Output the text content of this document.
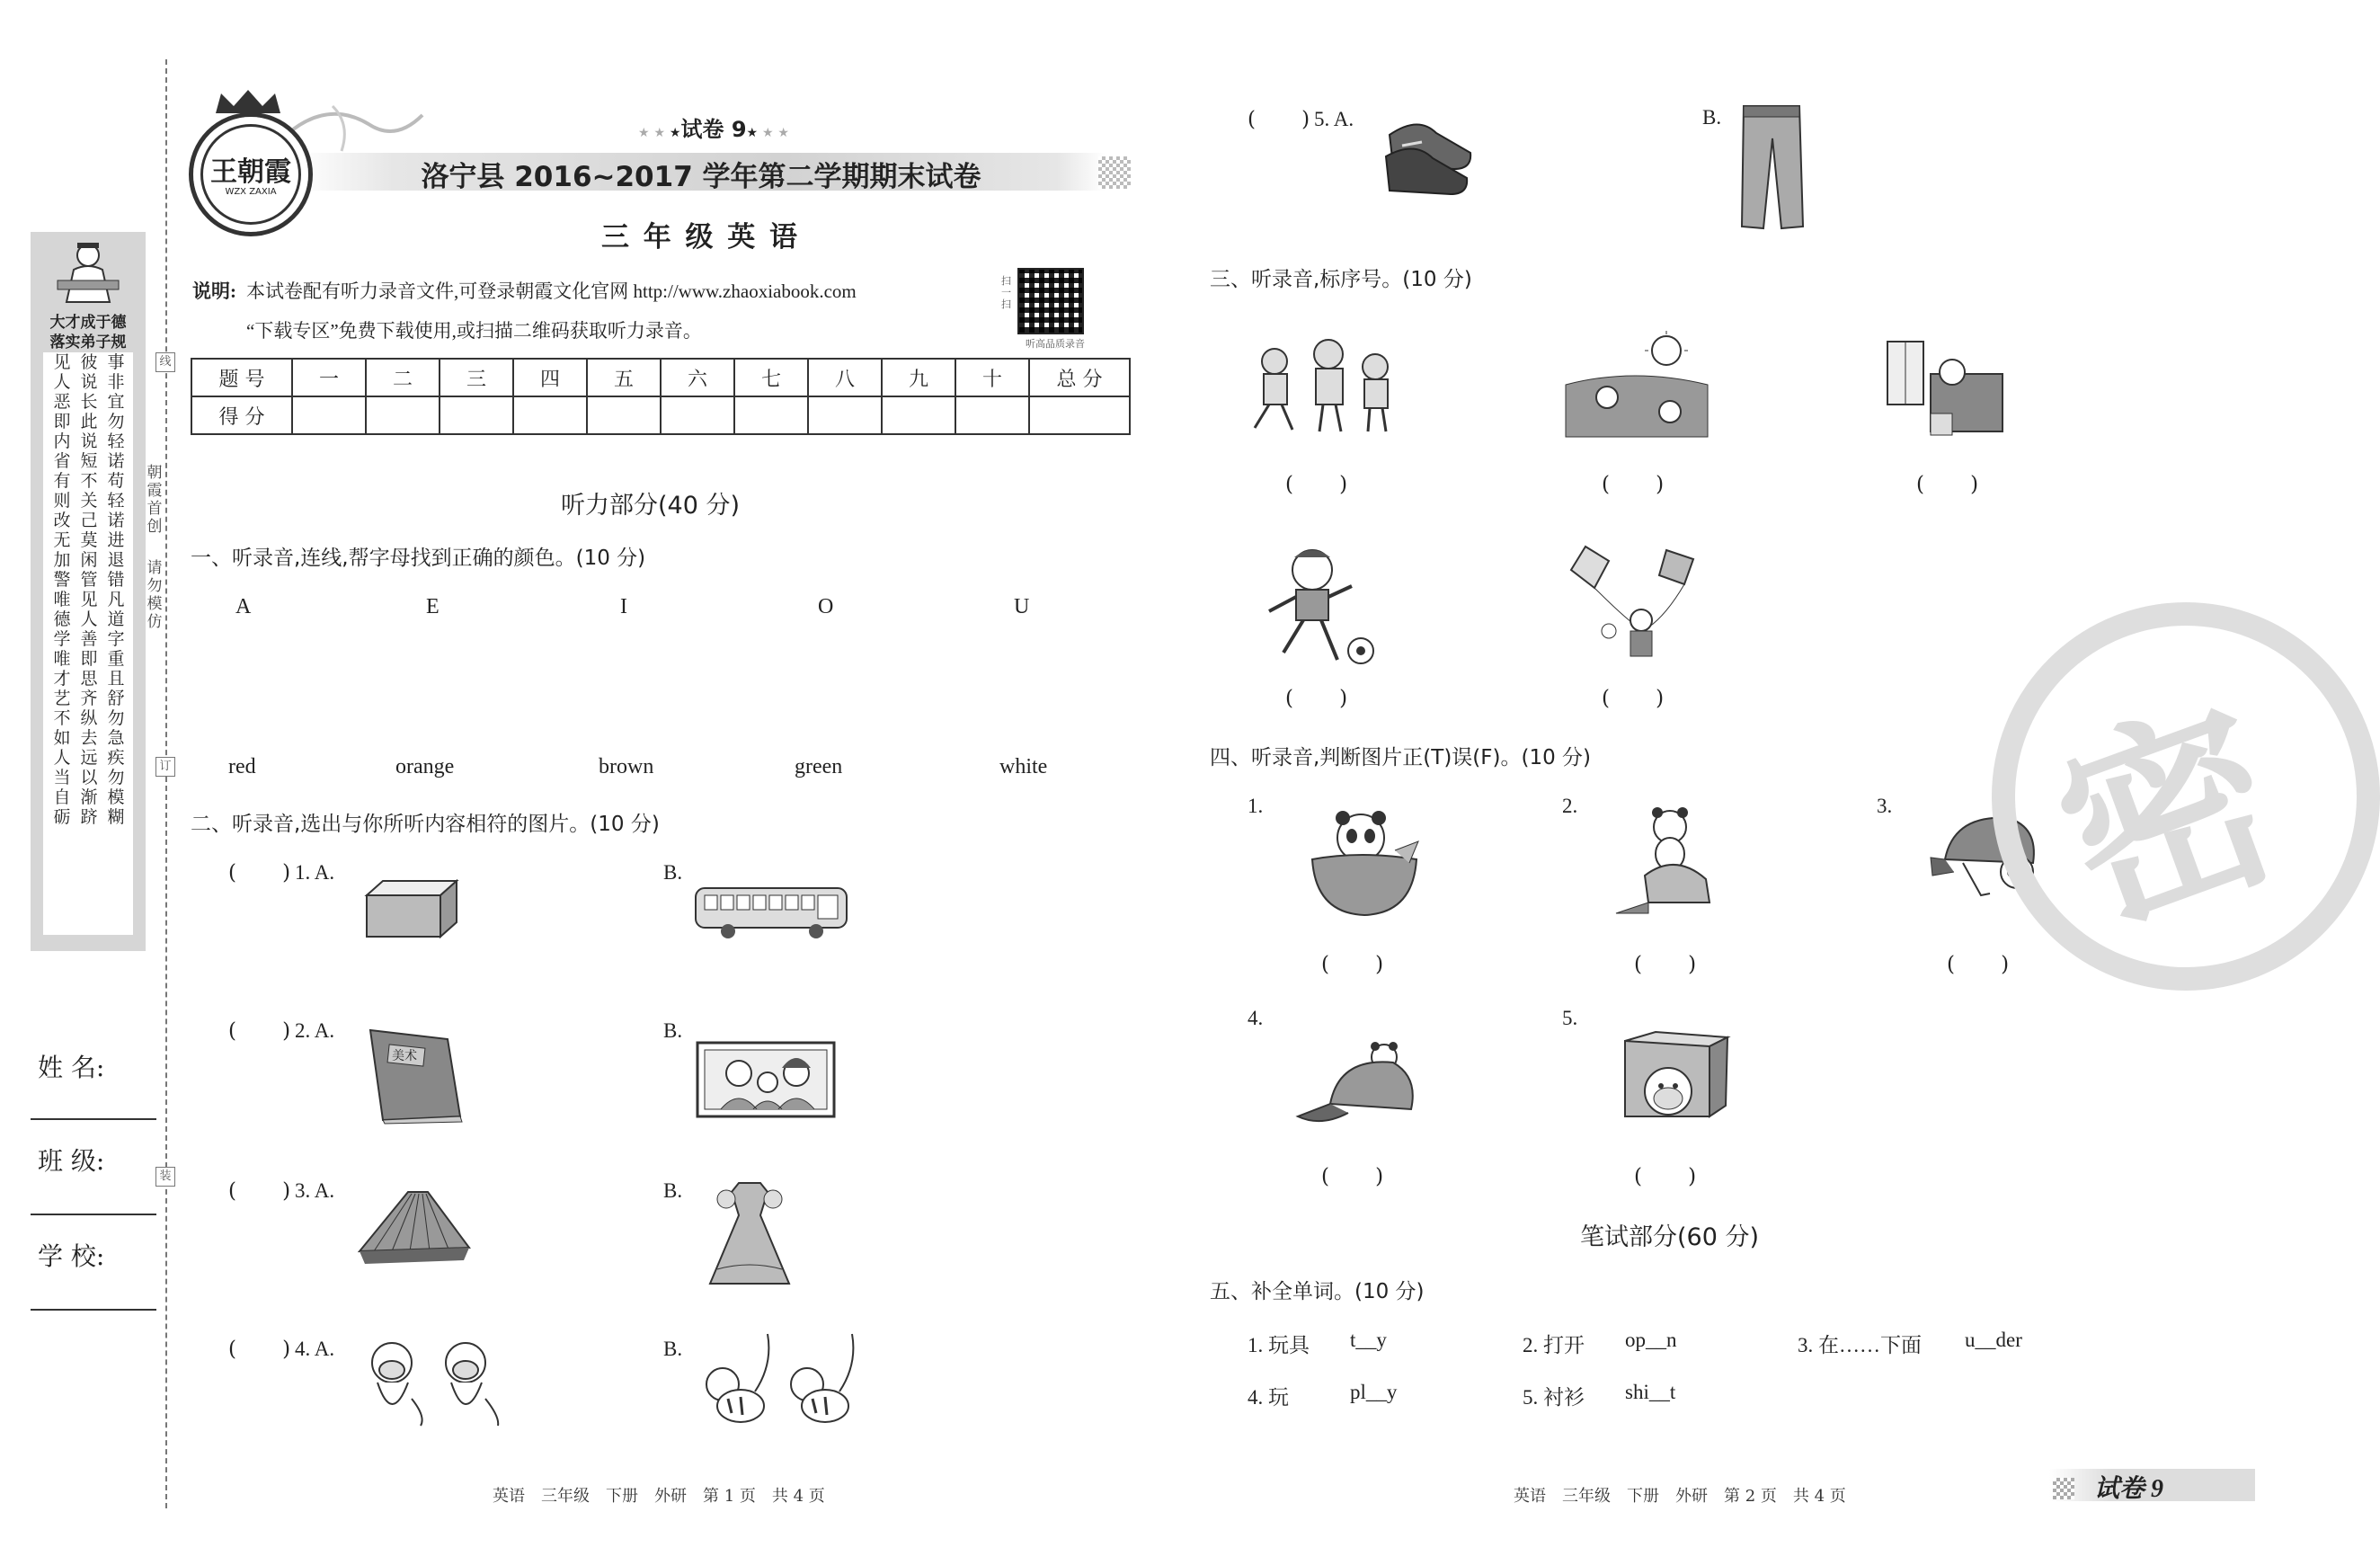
大才成于德
落实弟子规
见人恶即内省有则改无加警唯德学唯才艺不如人当自砺
彼说长此说短不关己莫闲管见人善即思齐纵去远以渐跻
事非宜勿轻诺苟轻诺进退错凡道字重且舒勿急疾勿模糊
线
订
装
朝霞首创
请勿模仿
姓 名:
班 级:
学 校:
王朝霞
WZX ZAXIA
★ ★ ★试卷 9★ ★ ★
洛宁县 2016~2017 学年第二学期期末试卷
三 年 级 英 语
说明: 本试卷配有听力录音文件,可登录朝霞文化官网 http://www.zhaoxiabook.com
“下载专区”免费下载使用,或扫描二维码获取听力录音。
扫一扫
听高品质录音
题 号	一	二	三	四	五	六	七	八	九	十	总 分
得 分											
听力部分(40 分)
一、听录音,连线,帮字母找到正确的颜色。(10 分)
A	E	I	O	U
red	orange	brown	green	white
二、听录音,选出与你所听内容相符的图片。(10 分)
(       ) 1. A.	B.
(       ) 2. A.	B.
美术
(       ) 3. A.	B.
(       ) 4. A.	B.
(       ) 5. A.	B.
三、听录音,标序号。(10 分)
(       )	(       )	(       )
(       )	(       )
四、听录音,判断图片正(T)误(F)。(10 分)
1.	2.	3.
(       )	(       )	(       )
4.	5.
(       )	(       )
笔试部分(60 分)
五、补全单词。(10 分)
1. 玩具 t__y	2. 打开 op__n	3. 在……下面 u__der
4. 玩	pl__y	5. 衬衫 shi__t
密
英语　三年级　下册　外研　第 1 页　共 4 页	英语　三年级　下册　外研　第 2 页　共 4 页	试卷 9
